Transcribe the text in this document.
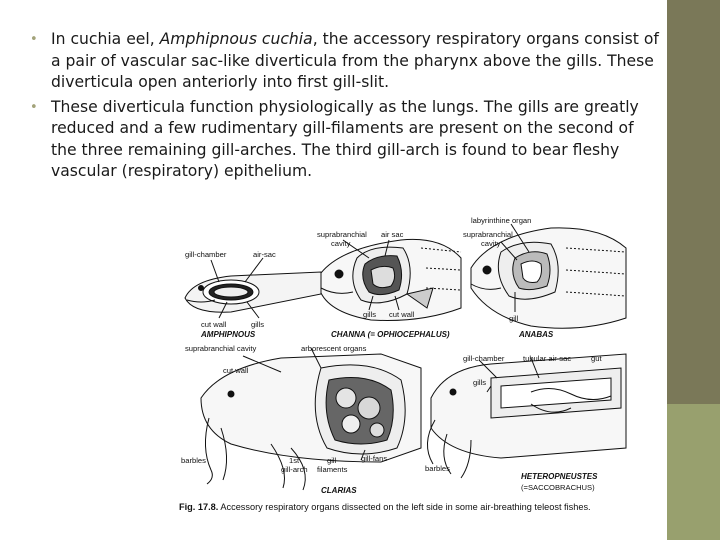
• In cuchia eel, Amphipnous cuchia, the accessory respiratory organs consist of a pair of vascular sac-like diverticula from the pharynx above the gills. These diverticula open anteriorly into first gill-slit.
• These diverticula function physiologically as the lungs. The gills are greatly reduced and a few rudimentary gill-filaments are present on the second of the three remaining gill-arches. The third gill-arch is found to bear fleshy vascular (respiratory) epithelium.
gill-chamber	air-sac
cut wall	gills
AMPHIPNOUS
suprabranchial
cavity
air sac
gills cut wall
CHANNA (= OPHIOCEPHALUS)
labyrinthine organ
suprabranchial
cavity
gill
ANABAS
suprabranchial cavity	arborescent organs
cut wall
barbles	1st
gill-arch
gill-
filaments
gill-fans
CLARIAS
gill-chamber tubular air-sac	gut
gills
barbles
HETEROPNEUSTES
(=SACCOBRACHUS)
Fig. 17.8. Accessory respiratory organs dissected on the left side in some air-breathing teleost fishes.
